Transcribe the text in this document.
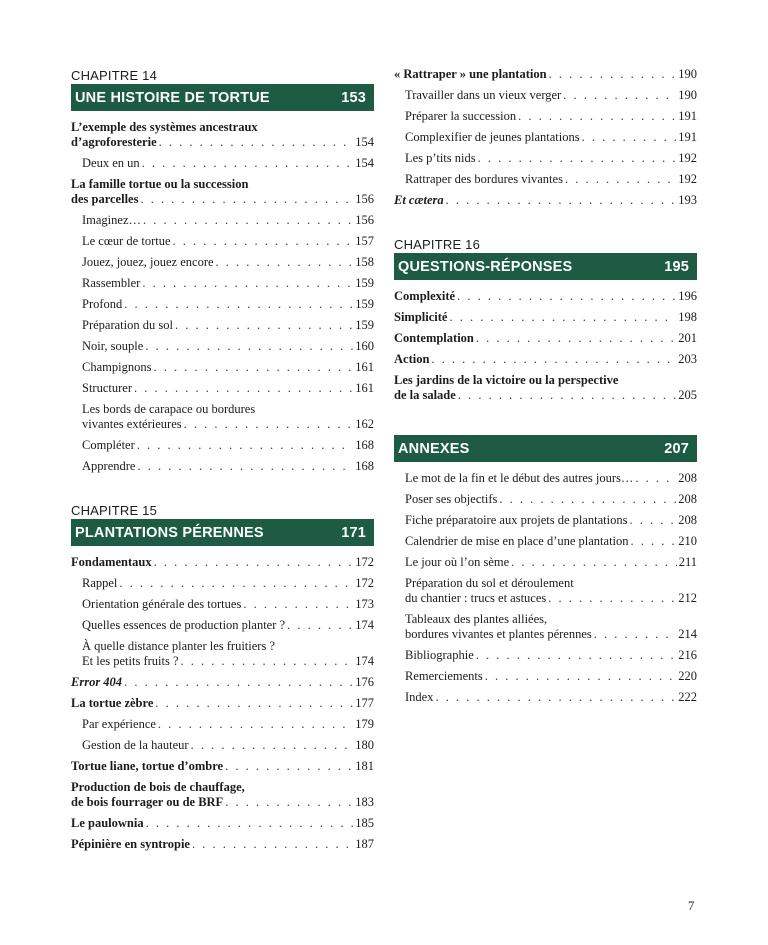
CHAPITRE 14
UNE HISTOIRE DE TORTUE	153
L’exemple des systèmes ancestraux
d’agroforesterie . . .	154
Deux en un . . .	154
La famille tortue ou la succession
des parcelles . . .	156
Imaginez… . . .	156
Le cœur de tortue . . .	157
Jouez, jouez, jouez encore . . .	158
Rassembler . . .	159
Profond . . .	159
Préparation du sol . . .	159
Noir, souple . . .	160
Champignons . . .	161
Structurer . . .	161
Les bords de carapace ou bordures
vivantes extérieures . . .	162
Compléter . . .	168
Apprendre . . .	168
CHAPITRE 15
PLANTATIONS PÉRENNES	171
Fondamentaux . . .	172
Rappel . . .	172
Orientation générale des tortues . . .	173
Quelles essences de production planter ? . . .	174
À quelle distance planter les fruitiers ?
Et les petits fruits ? . . .	174
Error 404 . . .	176
La tortue zèbre . . .	177
Par expérience . . .	179
Gestion de la hauteur . . .	180
Tortue liane, tortue d’ombre . . .	181
Production de bois de chauffage,
de bois fourrager ou de BRF . . .	183
Le paulownia . . .	185
Pépinière en syntropie . . .	187
« Rattraper » une plantation . . .	190
Travailler dans un vieux verger . . .	190
Préparer la succession . . .	191
Complexifier de jeunes plantations . . .	191
Les p’tits nids . . .	192
Rattraper des bordures vivantes . . .	192
Et cætera . . .	193
CHAPITRE 16
QUESTIONS-RÉPONSES	195
Complexité . . .	196
Simplicité . . .	198
Contemplation . . .	201
Action . . .	203
Les jardins de la victoire ou la perspective
de la salade . . .	205
ANNEXES	207
Le mot de la fin et le début des autres jours… . . .	208
Poser ses objectifs . . .	208
Fiche préparatoire aux projets de plantations . . .	208
Calendrier de mise en place d’une plantation . . .	210
Le jour où l’on sème . . .	211
Préparation du sol et déroulement
du chantier : trucs et astuces . . .	212
Tableaux des plantes alliées,
bordures vivantes et plantes pérennes . . .	214
Bibliographie . . .	216
Remerciements . . .	220
Index . . .	222
7
